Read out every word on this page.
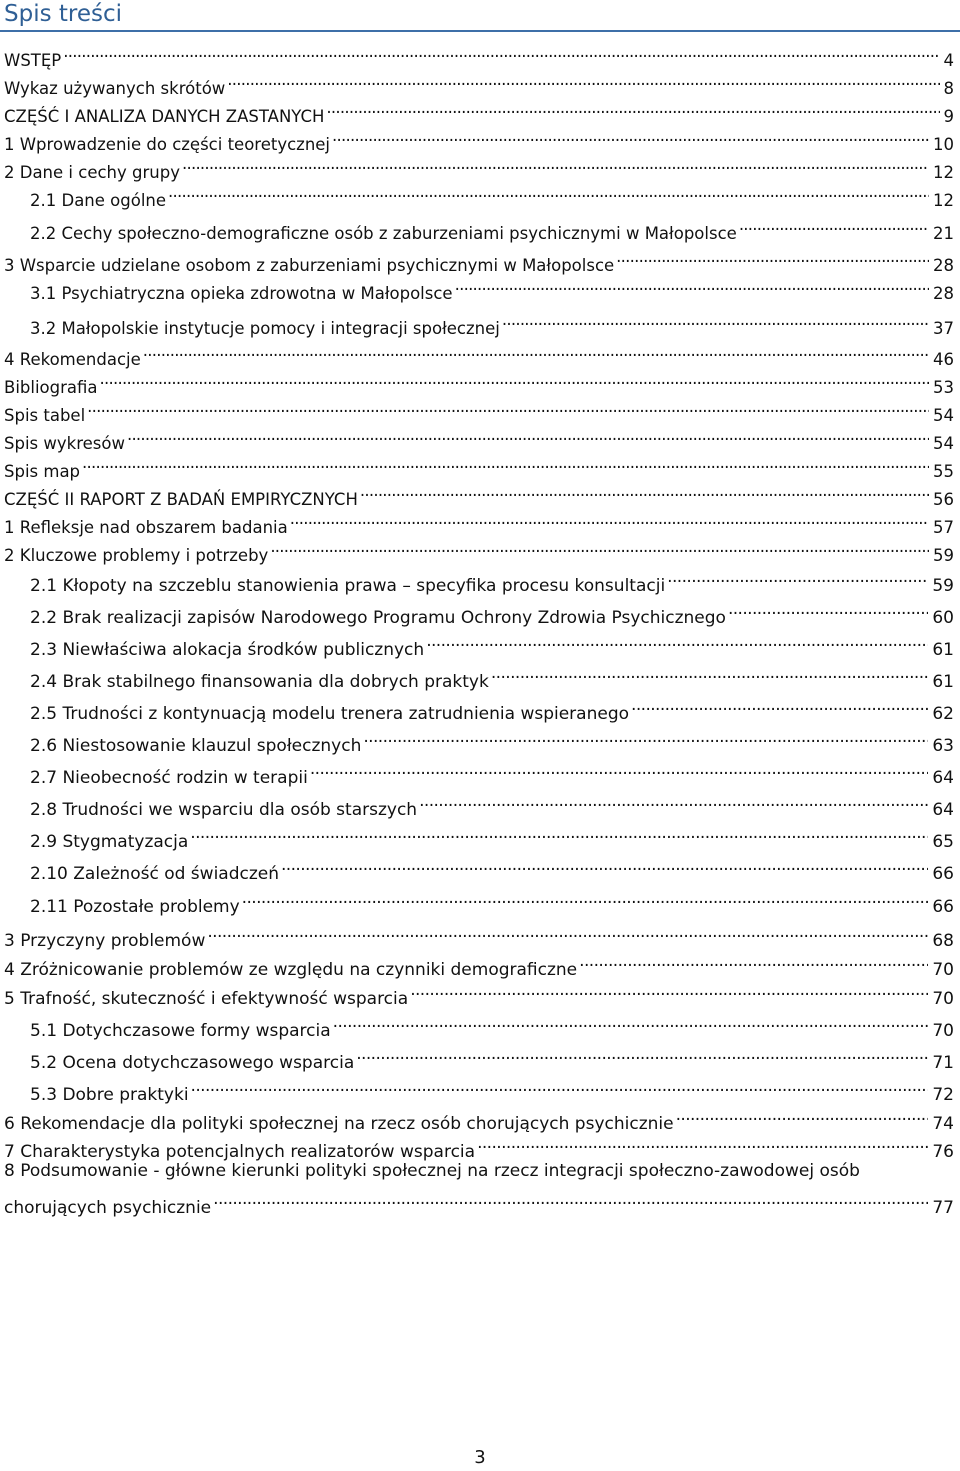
Spis treści
WSTĘP . . .	4
Wykaz używanych skrótów . . .	8
CZĘŚĆ I ANALIZA DANYCH ZASTANYCH . . .	9
1 Wprowadzenie do części teoretycznej . . .	10
2 Dane i cechy grupy . . .	12
2.1 Dane ogólne . . .	12
2.2 Cechy społeczno-demograficzne osób z zaburzeniami psychicznymi w Małopolsce . . .	21
3 Wsparcie udzielane osobom z zaburzeniami psychicznymi w Małopolsce . . .	28
3.1 Psychiatryczna opieka zdrowotna w Małopolsce . . .	28
3.2 Małopolskie instytucje pomocy i integracji społecznej . . .	37
4 Rekomendacje . . .	46
Bibliografia . . .	53
Spis tabel . . .	54
Spis wykresów . . .	54
Spis map . . .	55
CZĘŚĆ II RAPORT Z BADAŃ EMPIRYCZNYCH . . .	56
1 Refleksje nad obszarem badania . . .	57
2 Kluczowe problemy i potrzeby . . .	59
2.1 Kłopoty na szczeblu stanowienia prawa – specyfika procesu konsultacji . . .	59
2.2 Brak realizacji zapisów Narodowego Programu Ochrony Zdrowia Psychicznego . . .	60
2.3 Niewłaściwa alokacja środków publicznych . . .	61
2.4 Brak stabilnego finansowania dla dobrych praktyk . . .	61
2.5 Trudności z kontynuacją modelu trenera zatrudnienia wspieranego . . .	62
2.6 Niestosowanie klauzul społecznych . . .	63
2.7 Nieobecność rodzin w terapii . . .	64
2.8 Trudności we wsparciu dla osób starszych . . .	64
2.9 Stygmatyzacja . . .	65
2.10 Zależność od świadczeń . . .	66
2.11 Pozostałe problemy . . .	66
3 Przyczyny problemów . . .	68
4 Zróżnicowanie problemów ze względu na czynniki demograficzne . . .	70
5 Trafność, skuteczność i efektywność wsparcia . . .	70
5.1 Dotychczasowe formy wsparcia . . .	70
5.2 Ocena dotychczasowego wsparcia . . .	71
5.3 Dobre praktyki . . .	72
6 Rekomendacje dla polityki społecznej na rzecz osób chorujących psychicznie . . .	74
7 Charakterystyka potencjalnych realizatorów wsparcia . . .	76
8 Podsumowanie - główne kierunki polityki społecznej na rzecz integracji społeczno-zawodowej osób
chorujących psychicznie . . .	77
3
